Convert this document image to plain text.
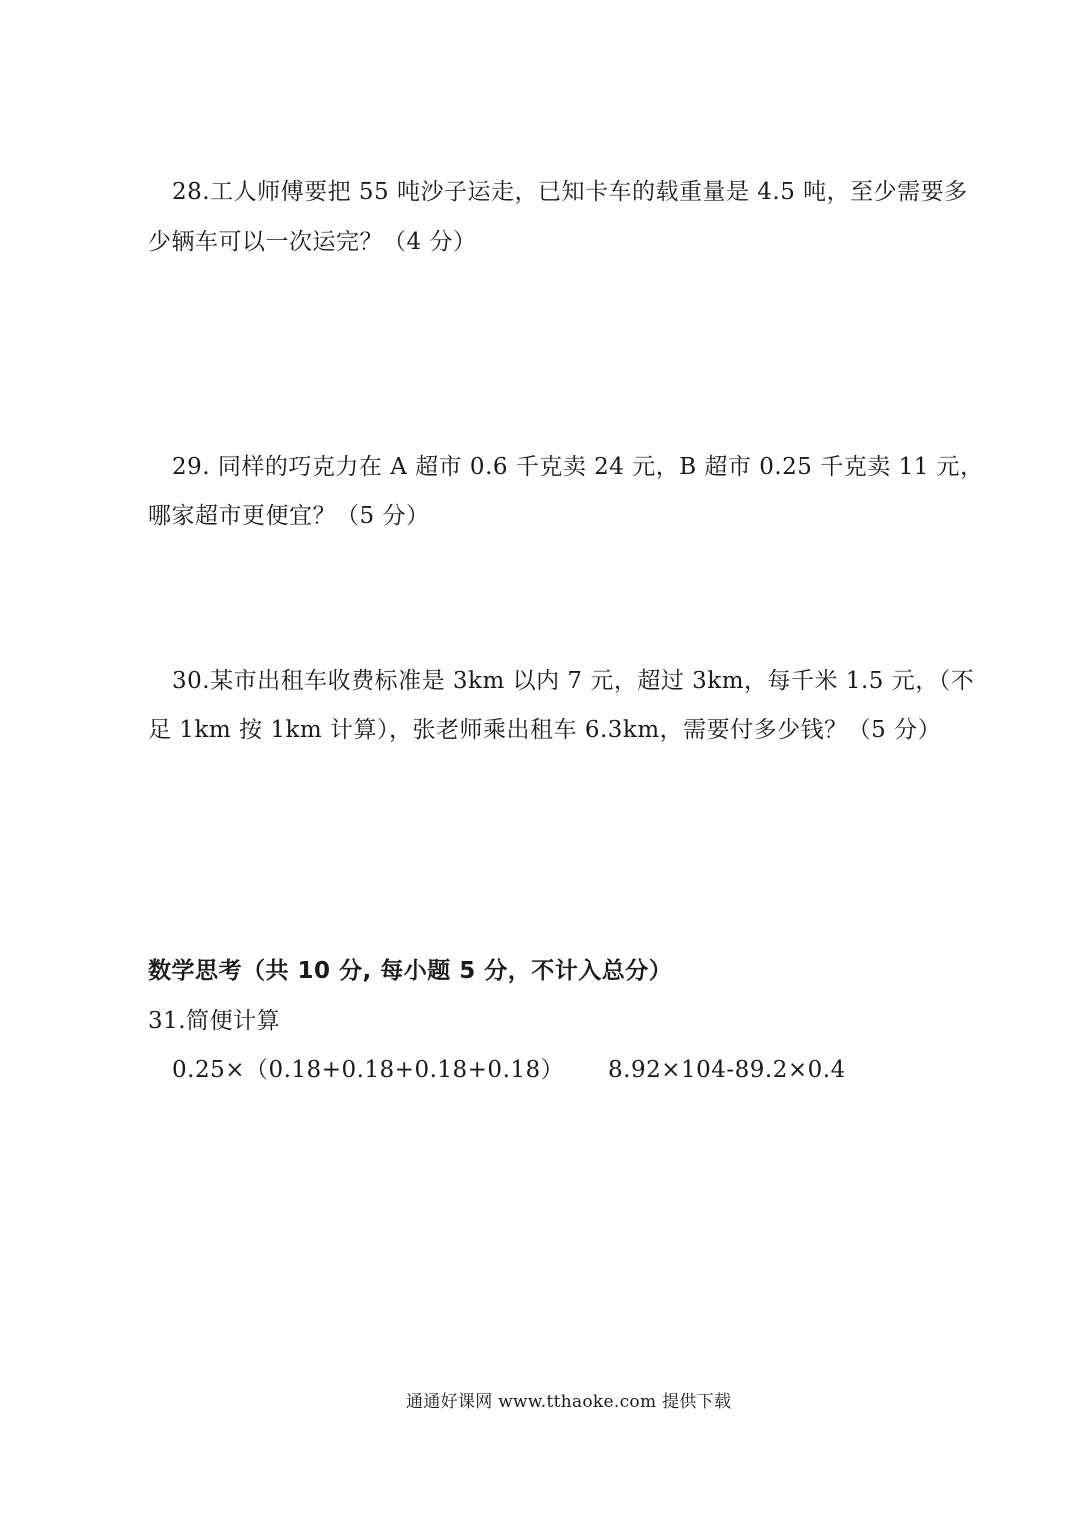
28.工人师傅要把 55 吨沙子运走，已知卡车的载重量是 4.5 吨，至少需要多
少辆车可以一次运完？（4 分）
29. 同样的巧克力在 A 超市 0.6 千克卖 24 元，B 超市 0.25 千克卖 11 元，
哪家超市更便宜？（5 分）
30.某市出租车收费标准是 3km 以内 7 元，超过 3km，每千米 1.5 元，（不
足 1km 按 1km 计算），张老师乘出租车 6.3km，需要付多少钱？（5 分）
数学思考（共 10 分, 每小题 5 分，不计入总分）
31.简便计算
0.25×（0.18+0.18+0.18+0.18） 8.92×104-89.2×0.4
通通好课网 www.tthaoke.com 提供下载
